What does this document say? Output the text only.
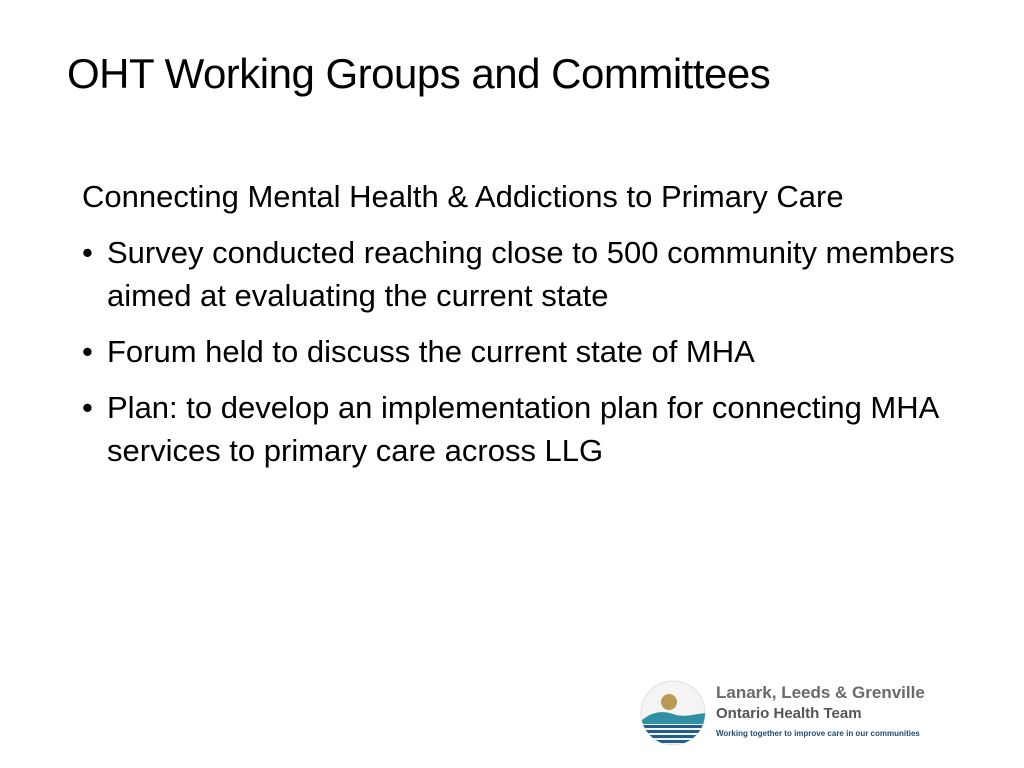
OHT Working Groups and Committees
Connecting Mental Health & Addictions to Primary Care
• Survey conducted reaching close to 500 community members aimed at evaluating the current state
• Forum held to discuss the current state of MHA
• Plan: to develop an implementation plan for connecting MHA services to primary care across LLG
Lanark, Leeds & Grenville
Ontario Health Team
Working together to improve care in our communities
